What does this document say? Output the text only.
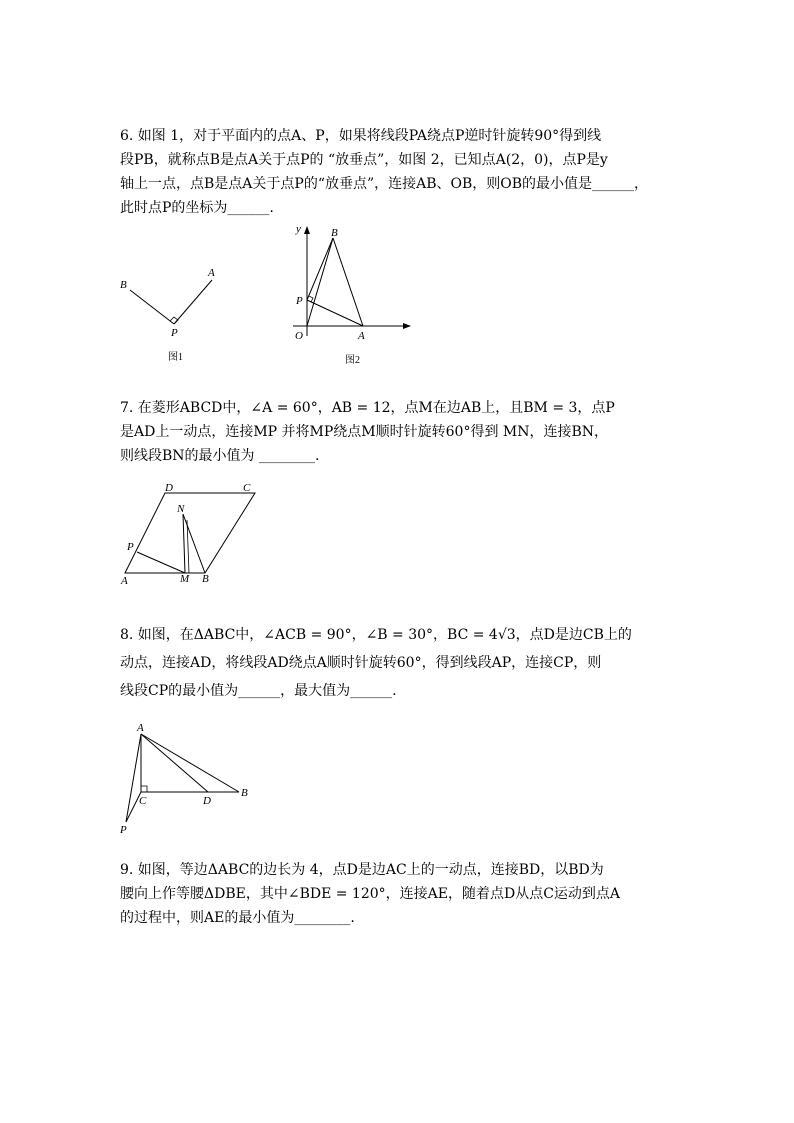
6. 如图 1，对于平面内的点A、P，如果将线段PA绕点P逆时针旋转90°得到线

段PB，就称点B是点A关于点P的 “放垂点”，如图 2，已知点A(2，0)，点P是y

轴上一点，点B是点A关于点P的“放垂点”，连接AB、OB，则OB的最小值是______，

此时点P的坐标为______.

B
A
P
图1
y	B
P
O	A
图2

7. 在菱形ABCD中，∠A = 60°，AB = 12，点M在边AB上，且BM = 3，点P

是AD上一动点，连接MP 并将MP绕点M顺时针旋转60°得到 MN，连接BN，

则线段BN的最小值为 ________.

D	C
N
P
A	M B

8. 如图，在ΔABC中，∠ACB = 90°，∠B = 30°，BC = 4√3，点D是边CB上的

动点，连接AD，将线段AD绕点A顺时针旋转60°，得到线段AP，连接CP，则

线段CP的最小值为______，最大值为______.

A
C	D
B
P

9. 如图，等边ΔABC的边长为 4，点D是边AC上的一动点，连接BD，以BD为

腰向上作等腰ΔDBE，其中∠BDE = 120°，连接AE，随着点D从点C运动到点A

的过程中，则AE的最小值为________.
